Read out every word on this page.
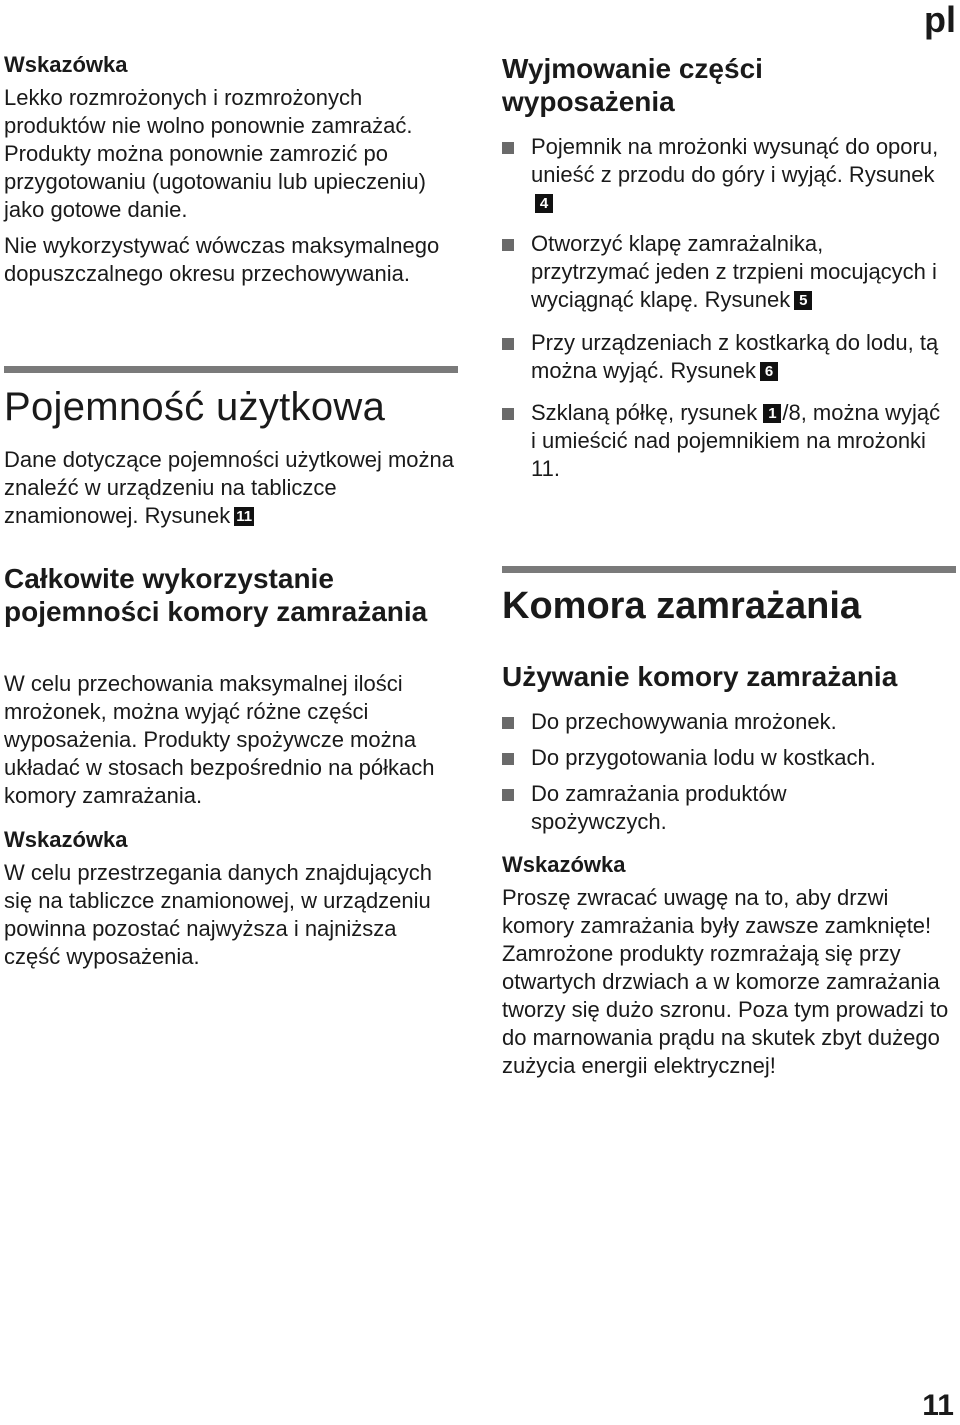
pl
Wskazówka

Lekko rozmrożonych i rozmrożonych produktów nie wolno ponownie zamrażać. Produkty można ponownie zamrozić po przygotowaniu (ugotowaniu lub upieczeniu) jako gotowe danie.

Nie wykorzystywać wówczas maksymalnego dopuszczalnego okresu przechowywania.

Pojemność użytkowa

Dane dotyczące pojemności użytkowej można znaleźć w urządzeniu na tabliczce znamionowej. Rysunek 11

Całkowite wykorzystanie pojemności komory zamrażania

W celu przechowania maksymalnej ilości mrożonek, można wyjąć różne części wyposażenia. Produkty spożywcze można układać w stosach bezpośrednio na półkach komory zamrażania.

Wskazówka

W celu przestrzegania danych znajdujących się na tabliczce znamionowej, w urządzeniu powinna pozostać najwyższa i najniższa część wyposażenia.

Wyjmowanie części wyposażenia
Pojemnik na mrożonki wysunąć do oporu, unieść z przodu do góry i wyjąć. Rysunek4
Otworzyć klapę zamrażalnika, przytrzymać jeden z trzpieni mocujących i wyciągnąć klapę. Rysunek 5
Przy urządzeniach z kostkarką do lodu, tą można wyjąć. Rysunek 6
Szklaną półkę, rysunek 1 /8, można wyjąć i umieścić nad pojemnikiem na mrożonki 11.
Komora zamrażania
Używanie komory zamrażania
Do przechowywania mrożonek.
Do przygotowania lodu w kostkach.
Do zamrażania produktów spożywczych.
Wskazówka

Proszę zwracać uwagę na to, aby drzwi komory zamrażania były zawsze zamknięte! Zamrożone produkty rozmrażają się przy otwartych drzwiach a w komorze zamrażania tworzy się dużo szronu. Poza tym prowadzi to do marnowania prądu na skutek zbyt dużego zużycia energii elektrycznej!

11
